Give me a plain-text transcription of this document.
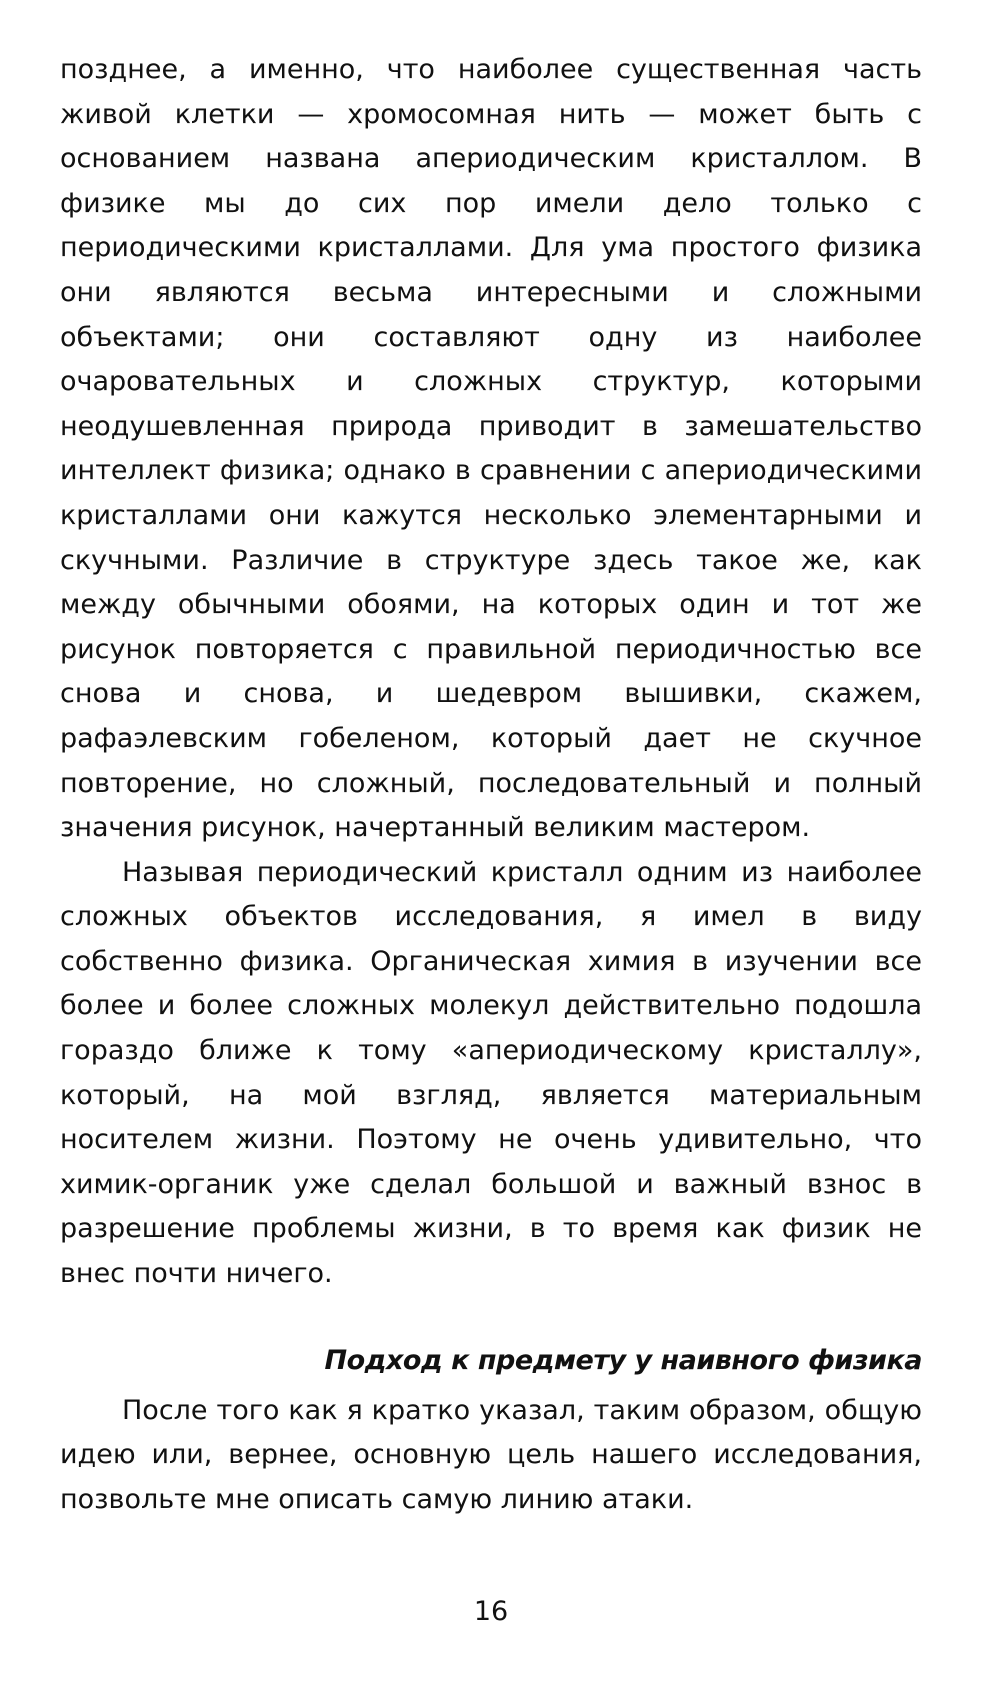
позднее, а именно, что наиболее существенная часть живой клетки — хромосомная нить — может быть с основанием названа апериодическим кристаллом. В физике мы до сих пор имели дело только с периодическими кристаллами. Для ума простого физика они являются весьма интересными и сложными объектами; они составляют одну из наиболее очаровательных и сложных структур, которыми неодушевленная природа приводит в замешательство интеллект физика; однако в сравнении с апериодическими кристаллами они кажутся несколько элементарными и скучными. Различие в структуре здесь такое же, как между обычными обоями, на которых один и тот же рисунок повторяется с правильной периодичностью все снова и снова, и шедевром вышивки, скажем, рафаэлевским гобеленом, который дает не скучное повторение, но сложный, последовательный и полный значения рисунок, начертанный великим мастером.

Называя периодический кристалл одним из наиболее сложных объектов исследования, я имел в виду собственно физика. Органическая химия в изучении все более и более сложных молекул действительно подошла гораздо ближе к тому «апериодическому кристаллу», который, на мой взгляд, является материальным носителем жизни. Поэтому не очень удивительно, что химик-органик уже сделал большой и важный взнос в разрешение проблемы жизни, в то время как физик не внес почти ничего.

Подход к предмету у наивного физика

После того как я кратко указал, таким образом, общую идею или, вернее, основную цель нашего исследования, позвольте мне описать самую линию атаки.

16
